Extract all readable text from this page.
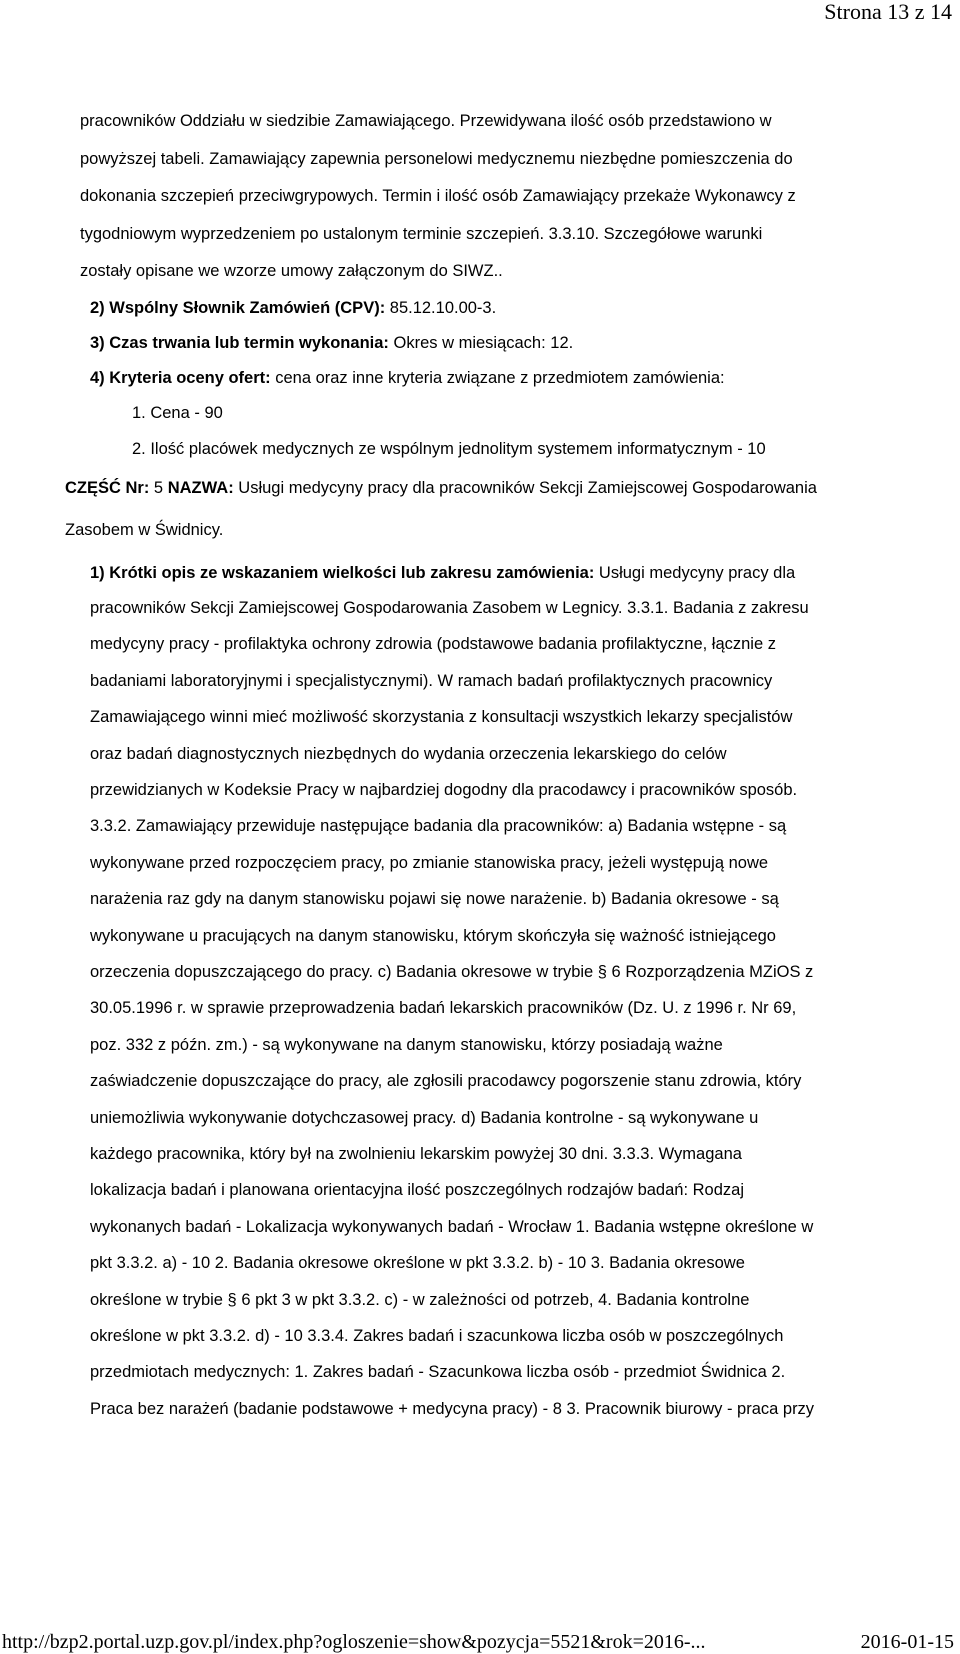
Strona 13 z 14

pracowników Oddziału w siedzibie Zamawiającego. Przewidywana ilość osób przedstawiono w

powyższej tabeli. Zamawiający zapewnia personelowi medycznemu niezbędne pomieszczenia do

dokonania szczepień przeciwgrypowych. Termin i ilość osób Zamawiający przekaże Wykonawcy z

tygodniowym wyprzedzeniem po ustalonym terminie szczepień. 3.3.10. Szczegółowe warunki

zostały opisane we wzorze umowy załączonym do SIWZ..

2) Wspólny Słownik Zamówień (CPV): 85.12.10.00-3.

3) Czas trwania lub termin wykonania: Okres w miesiącach: 12.

4) Kryteria oceny ofert: cena oraz inne kryteria związane z przedmiotem zamówienia:

1. Cena - 90
2. Ilość placówek medycznych ze wspólnym jednolitym systemem informatycznym - 10
CZĘŚĆ Nr: 5 NAZWA: Usługi medycyny pracy dla pracowników Sekcji Zamiejscowej Gospodarowania
Zasobem w Świdnicy.
1) Krótki opis ze wskazaniem wielkości lub zakresu zamówienia: Usługi medycyny pracy dla
pracowników Sekcji Zamiejscowej Gospodarowania Zasobem w Legnicy. 3.3.1. Badania z zakresu
medycyny pracy - profilaktyka ochrony zdrowia (podstawowe badania profilaktyczne, łącznie z
badaniami laboratoryjnymi i specjalistycznymi). W ramach badań profilaktycznych pracownicy
Zamawiającego winni mieć możliwość skorzystania z konsultacji wszystkich lekarzy specjalistów
oraz badań diagnostycznych niezbędnych do wydania orzeczenia lekarskiego do celów
przewidzianych w Kodeksie Pracy w najbardziej dogodny dla pracodawcy i pracowników sposób.
3.3.2. Zamawiający przewiduje następujące badania dla pracowników: a) Badania wstępne - są
wykonywane przed rozpoczęciem pracy, po zmianie stanowiska pracy, jeżeli występują nowe
narażenia raz gdy na danym stanowisku pojawi się nowe narażenie. b) Badania okresowe - są
wykonywane u pracujących na danym stanowisku, którym skończyła się ważność istniejącego
orzeczenia dopuszczającego do pracy. c) Badania okresowe w trybie § 6 Rozporządzenia MZiOS z
30.05.1996 r. w sprawie przeprowadzenia badań lekarskich pracowników (Dz. U. z 1996 r. Nr 69,
poz. 332 z późn. zm.) - są wykonywane na danym stanowisku, którzy posiadają ważne
zaświadczenie dopuszczające do pracy, ale zgłosili pracodawcy pogorszenie stanu zdrowia, który
uniemożliwia wykonywanie dotychczasowej pracy. d) Badania kontrolne - są wykonywane u
każdego pracownika, który był na zwolnieniu lekarskim powyżej 30 dni. 3.3.3. Wymagana
lokalizacja badań i planowana orientacyjna ilość poszczególnych rodzajów badań: Rodzaj
wykonanych badań - Lokalizacja wykonywanych badań - Wrocław 1. Badania wstępne określone w
pkt 3.3.2. a) - 10 2. Badania okresowe określone w pkt 3.3.2. b) - 10 3. Badania okresowe
określone w trybie § 6 pkt 3 w pkt 3.3.2. c) - w zależności od potrzeb, 4. Badania kontrolne
określone w pkt 3.3.2. d) - 10 3.3.4. Zakres badań i szacunkowa liczba osób w poszczególnych
przedmiotach medycznych: 1. Zakres badań - Szacunkowa liczba osób - przedmiot Świdnica 2.
Praca bez narażeń (badanie podstawowe + medycyna pracy) - 8 3. Pracownik biurowy - praca przy
http://bzp2.portal.uzp.gov.pl/index.php?ogloszenie=show&pozycja=5521&rok=2016-...	2016-01-15
